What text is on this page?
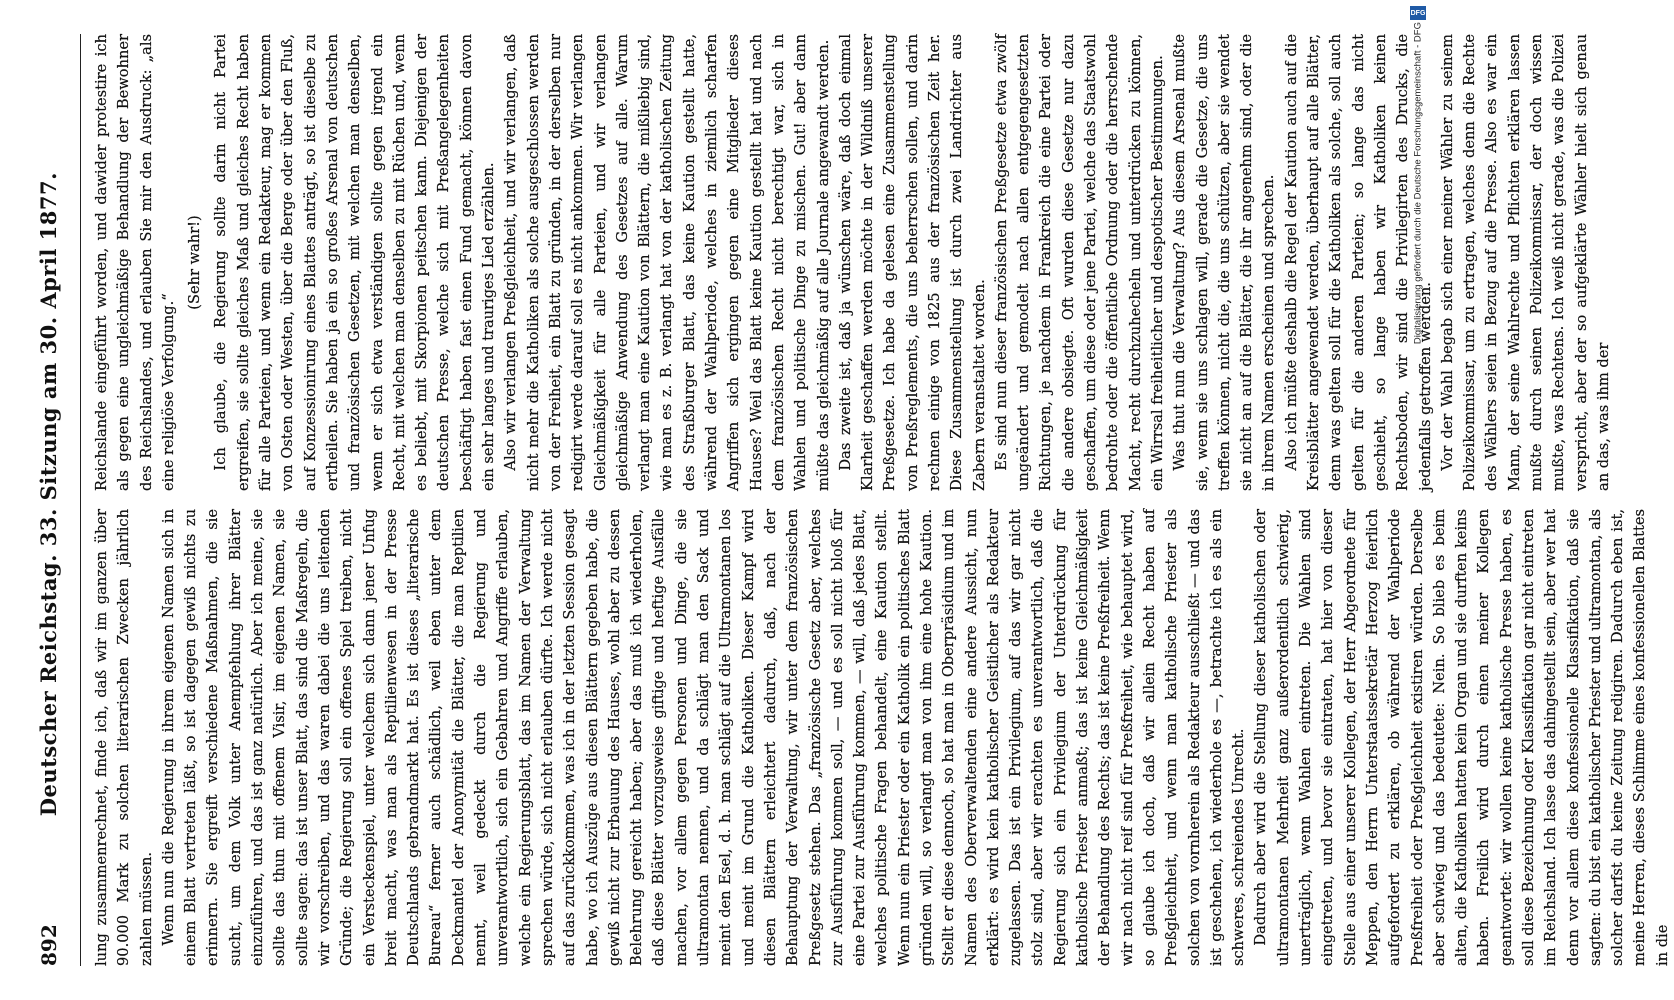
892
Deutscher Reichstag. 33. Sitzung am 30. April 1877. lung zusammenrechnet, finde ich, daß wir im ganzen über 90.000 Mark zu solchen literarischen Zwecken jährlich zahlen müssen. Wenn nun die Regierung in ihrem eigenen Namen sich in einem Blatt vertreten läßt, so ist dagegen gewiß nichts zu erinnern. Sie ergreift verschiedene Maßnahmen, die sie sucht, um dem Volk unter Anempfehlung ihrer Blätter einzuführen, und das ist ganz natürlich. Aber ich meine, sie sollte das thun mit offenem Visir, im eigenen Namen, sie sollte sagen: das ist unser Blatt, das sind die Maßregeln, die wir vorschreiben, und das waren dabei die uns leitenden Gründe; die Regierung soll ein offenes Spiel treiben, nicht ein Versteckenspiel, unter welchem sich dann jener Unfug breit macht, was man als Reptilienwesen in der Presse Deutschlands gebrandmarkt hat. Es ist dieses „literarische Bureau“ ferner auch schädlich, weil eben unter dem Deckmantel der Anonymität die Blätter, die man Reptilien nennt, weil gedeckt durch die Regierung und unverantwortlich, sich ein Gebahren und Angriffe erlauben, welche ein Regierungsblatt, das im Namen der Verwaltung sprechen würde, sich nicht erlauben dürfte. Ich werde nicht auf das zurückkommen, was ich in der letzten Session gesagt habe, wo ich Auszüge aus diesen Blättern gegeben habe, die gewiß nicht zur Erbauung des Hauses, wohl aber zu dessen Belehrung gereicht haben; aber das muß ich wiederholen, daß diese Blätter vorzugsweise giftige und heftige Ausfälle machen, vor allem gegen Personen und Dinge, die sie ultramontan nennen, und da schlägt man den Sack und meint den Esel, d. h. man schlägt auf die Ultramontanen los und meint im Grund die Katholiken. Dieser Kampf wird diesen Blättern erleichtert dadurch, daß, nach der Behauptung der Verwaltung, wir unter dem französischen Preßgesetz stehen. Das „französische Gesetz aber, welches zur Ausführung kommen soll, — und es soll nicht bloß für eine Partei zur Ausführung kommen, — will, daß jedes Blatt, welches politische Fragen behandelt, eine Kaution stellt. Wenn nun ein Priester oder ein Katholik ein politisches Blatt gründen will, so verlangt man von ihm eine hohe Kaution. Stellt er diese dennoch, so hat man in Oberpräsidium und im Namen des Oberverwaltenden eine andere Aussicht, nun erklärt: es wird kein katholischer Geistlicher als Redakteur zugelassen. Das ist ein Privilegium, auf das wir gar nicht stolz sind, aber wir erachten es unverantwortlich, daß die Regierung sich ein Privilegium der Unterdrückung für katholische Priester anmaßt; das ist keine Gleichmäßigkeit der Behandlung des Rechts; das ist keine Preßfreiheit. Wenn wir nach nicht reif sind für Preßfreiheit, wie behauptet wird, so glaube ich doch, daß wir allein Recht haben auf Preßgleichheit, und wenn man katholische Priester als solchen von vornherein als Redakteur ausschließt — und das ist geschehen, ich wiederhole es —, betrachte ich es als ein schweres, schreiendes Unrecht. Dadurch aber wird die Stellung dieser katholischen oder ultramontanen Mehrheit ganz außerordentlich schwierig, unerträglich, wenn Wahlen eintreten. Die Wahlen sind eingetreten, und bevor sie eintraten, hat hier von dieser Stelle aus einer unserer Kollegen, der Herr Abgeordnete für Meppen, den Herrn Unterstaatssekretär Herzog feierlich aufgefordert zu erklären, ob während der Wahlperiode Preßfreiheit oder Preßgleichheit existiren würden. Derselbe aber schwieg und das bedeutete: Nein. So blieb es beim alten, die Katholiken hatten kein Organ und sie durften keins haben. Freilich wird durch einen meiner Kollegen geantwortet: wir wollen keine katholische Presse haben, es soll diese Bezeichnung oder Klassifikation gar nicht eintreten im Reichsland. Ich lasse das dahingestellt sein, aber wer hat denn vor allem diese konfessionelle Klassifikation, daß sie sagten: du bist ein katholischer Priester und ultramontan, als solcher darfst du keine Zeitung redigiren. Dadurch eben ist, meine Herren, dieses Schlimme eines konfessionellen Blattes in die

Reichslande eingeführt worden, und dawider protestire ich als gegen eine ungleichmäßige Behandlung der Bewohner des Reichslandes, und erlauben Sie mir den Ausdruck: „als eine religiöse Verfolgung.“

(Sehr wahr!) Ich glaube, die Regierung sollte darin nicht Partei ergreifen, sie sollte gleiches Maß und gleiches Recht haben für alle Parteien, und wenn ein Redakteur, mag er kommen von Osten oder Westen, über die Berge oder über den Fluß, auf Konzessionirung eines Blattes anträgt, so ist dieselbe zu ertheilen. Sie haben ja ein so großes Arsenal von deutschen und französischen Gesetzen, mit welchen man denselben, wenn er sich etwa verständigen sollte gegen irgend ein Recht, mit welchen man denselben zu mit Rüchen und, wenn es beliebt, mit Skorpionen peitschen kann. Diejenigen der deutschen Presse, welche sich mit Preßangelegenheiten beschäftigt haben fast einen Fund gemacht, können davon ein sehr langes und trauriges Lied erzählen. Also wir verlangen Preßgleichheit, und wir verlangen, daß nicht mehr die Katholiken als solche ausgeschlossen werden von der Freiheit, ein Blatt zu gründen, in der derselben nur redigirt werde darauf soll es nicht ankommen. Wir verlangen Gleichmäßigkeit für alle Parteien, und wir verlangen gleichmäßige Anwendung des Gesetzes auf alle. Warum verlangt man eine Kaution von Blättern, die mißliebig sind, wie man es z. B. verlangt hat von der katholischen Zeitung des Straßburger Blatt, das keine Kaution gestellt hatte, während der Wahlperiode, welches in ziemlich scharfen Angriffen sich ergingen gegen eine Mitglieder dieses Hauses? Weil das Blatt keine Kaution gestellt hat und nach dem französischen Recht nicht berechtigt war, sich in Wahlen und politische Dinge zu mischen. Gut! aber dann müßte das gleichmäßig auf alle Journale angewandt werden. Das zweite ist, daß ja wünschen wäre, daß doch einmal Klarheit geschaffen werden möchte in der Wildniß unserer Preßgesetze. Ich habe da gelesen eine Zusammenstellung von Preßreglements, die uns beherrschen sollen, und darin rechnen einige von 1825 aus der französischen Zeit her. Diese Zusammenstellung ist durch zwei Landrichter aus Zabern veranstaltet worden. Es sind nun dieser französischen Preßgesetze etwa zwölf ungeändert und gemodelt nach allen entgegengesetzten Richtungen, je nachdem in Frankreich die eine Partei oder die andere obsiegte. Oft wurden diese Gesetze nur dazu geschaffen, um diese oder jene Partei, welche das Staatswohl bedrohte oder die öffentliche Ordnung oder die herrschende Macht, recht durchzuhecheln und unterdrücken zu können, ein Wirrsal freiheitlicher und despotischer Bestimmungen. Was thut nun die Verwaltung? Aus diesem Arsenal mußte sie, wenn sie uns schlagen will, gerade die Gesetze, die uns treffen können, nicht die, die uns schützen, aber sie wendet sie nicht an auf die Blätter, die ihr angenehm sind, oder die in ihrem Namen erscheinen und sprechen. Also ich müßte deshalb die Regel der Kaution auch auf die Kreisblätter angewendet werden, überhaupt auf alle Blätter, denn was gelten soll für die Katholiken als solche, soll auch gelten für die anderen Parteien; so lange das nicht geschieht, so lange haben wir Katholiken keinen Rechtsboden, wir sind die Privilegirten des Drucks, die jedenfalls getroffen werden. Vor der Wahl begab sich einer meiner Wähler zu seinem Polizeikommissar, um zu ertragen, welches denn die Rechte des Wählers seien in Bezug auf die Presse. Also es war ein Mann, der seine Wahlrechte und Pflichten erklären lassen mußte durch seinen Polizeikommissar, der doch wissen mußte, was Rechtens. Ich weiß nicht gerade, was die Polizei verspricht, aber der so aufgeklärte Wähler hielt sich genau an das, was ihm der

DFG
Digitalisierung gefördert durch die Deutsche Forschungsgemeinschaft - DFG
